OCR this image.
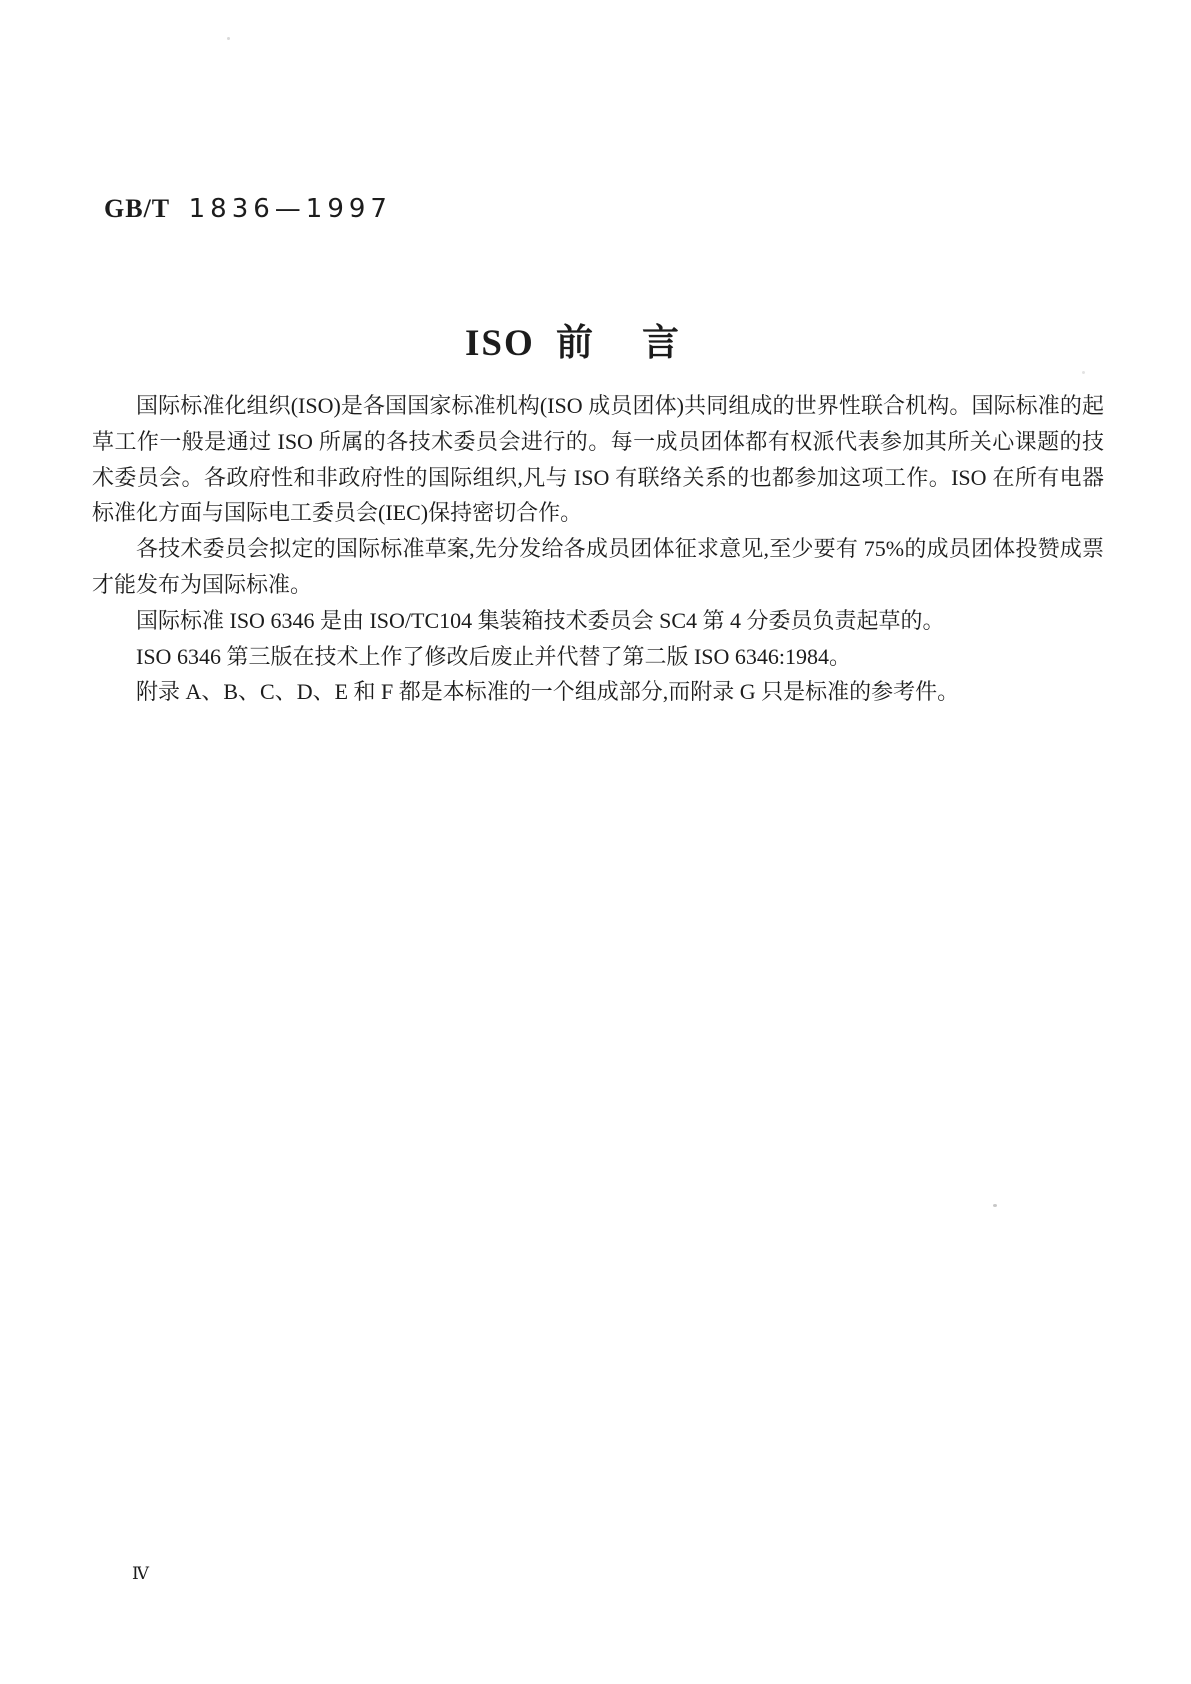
GB/T 1836—1997
ISO 前　言

国际标准化组织(ISO)是各国国家标准机构(ISO 成员团体)共同组成的世界性联合机构。国际标准的起草工作一般是通过 ISO 所属的各技术委员会进行的。每一成员团体都有权派代表参加其所关心课题的技术委员会。各政府性和非政府性的国际组织,凡与 ISO 有联络关系的也都参加这项工作。ISO 在所有电器标准化方面与国际电工委员会(IEC)保持密切合作。

各技术委员会拟定的国际标准草案,先分发给各成员团体征求意见,至少要有 75%的成员团体投赞成票才能发布为国际标准。

国际标准 ISO 6346 是由 ISO/TC104 集装箱技术委员会 SC4 第 4 分委员负责起草的。

ISO 6346 第三版在技术上作了修改后废止并代替了第二版 ISO 6346:1984。

附录 A、B、C、D、E 和 F 都是本标准的一个组成部分,而附录 G 只是标准的参考件。

Ⅳ
